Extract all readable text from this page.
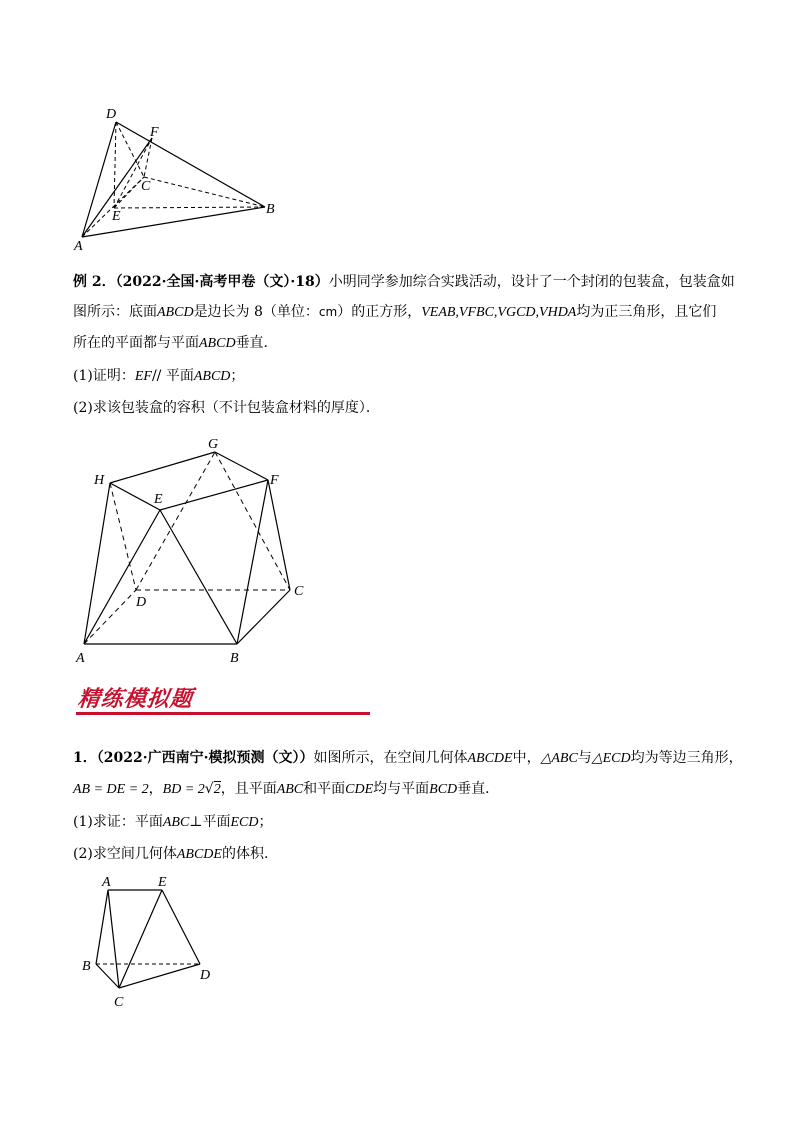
D
F
C
E	B
A
例 2．（2022·全国·高考甲卷（文）·18）小明同学参加综合实践活动，设计了一个封闭的包装盒，包装盒如
图所示：底面ABCD是边长为 8（单位：cm）的正方形，VEAB,VFBC,VGCD,VHDA均为正三角形，且它们
所在的平面都与平面ABCD垂直．
(1)证明：EF// 平面ABCD；
(2)求该包装盒的容积（不计包装盒材料的厚度）．
G
H
E
F
D
C
A	B
精练模拟题
1．（2022·广西南宁·模拟预测（文））如图所示，在空间几何体ABCDE中，△ABC与△ECD均为等边三角形，
AB = DE = 2，BD = 2√2，且平面ABC和平面CDE均与平面BCD垂直．
(1)求证：平面ABC⊥平面ECD；
(2)求空间几何体ABCDE的体积.
A	E
B
D
C
